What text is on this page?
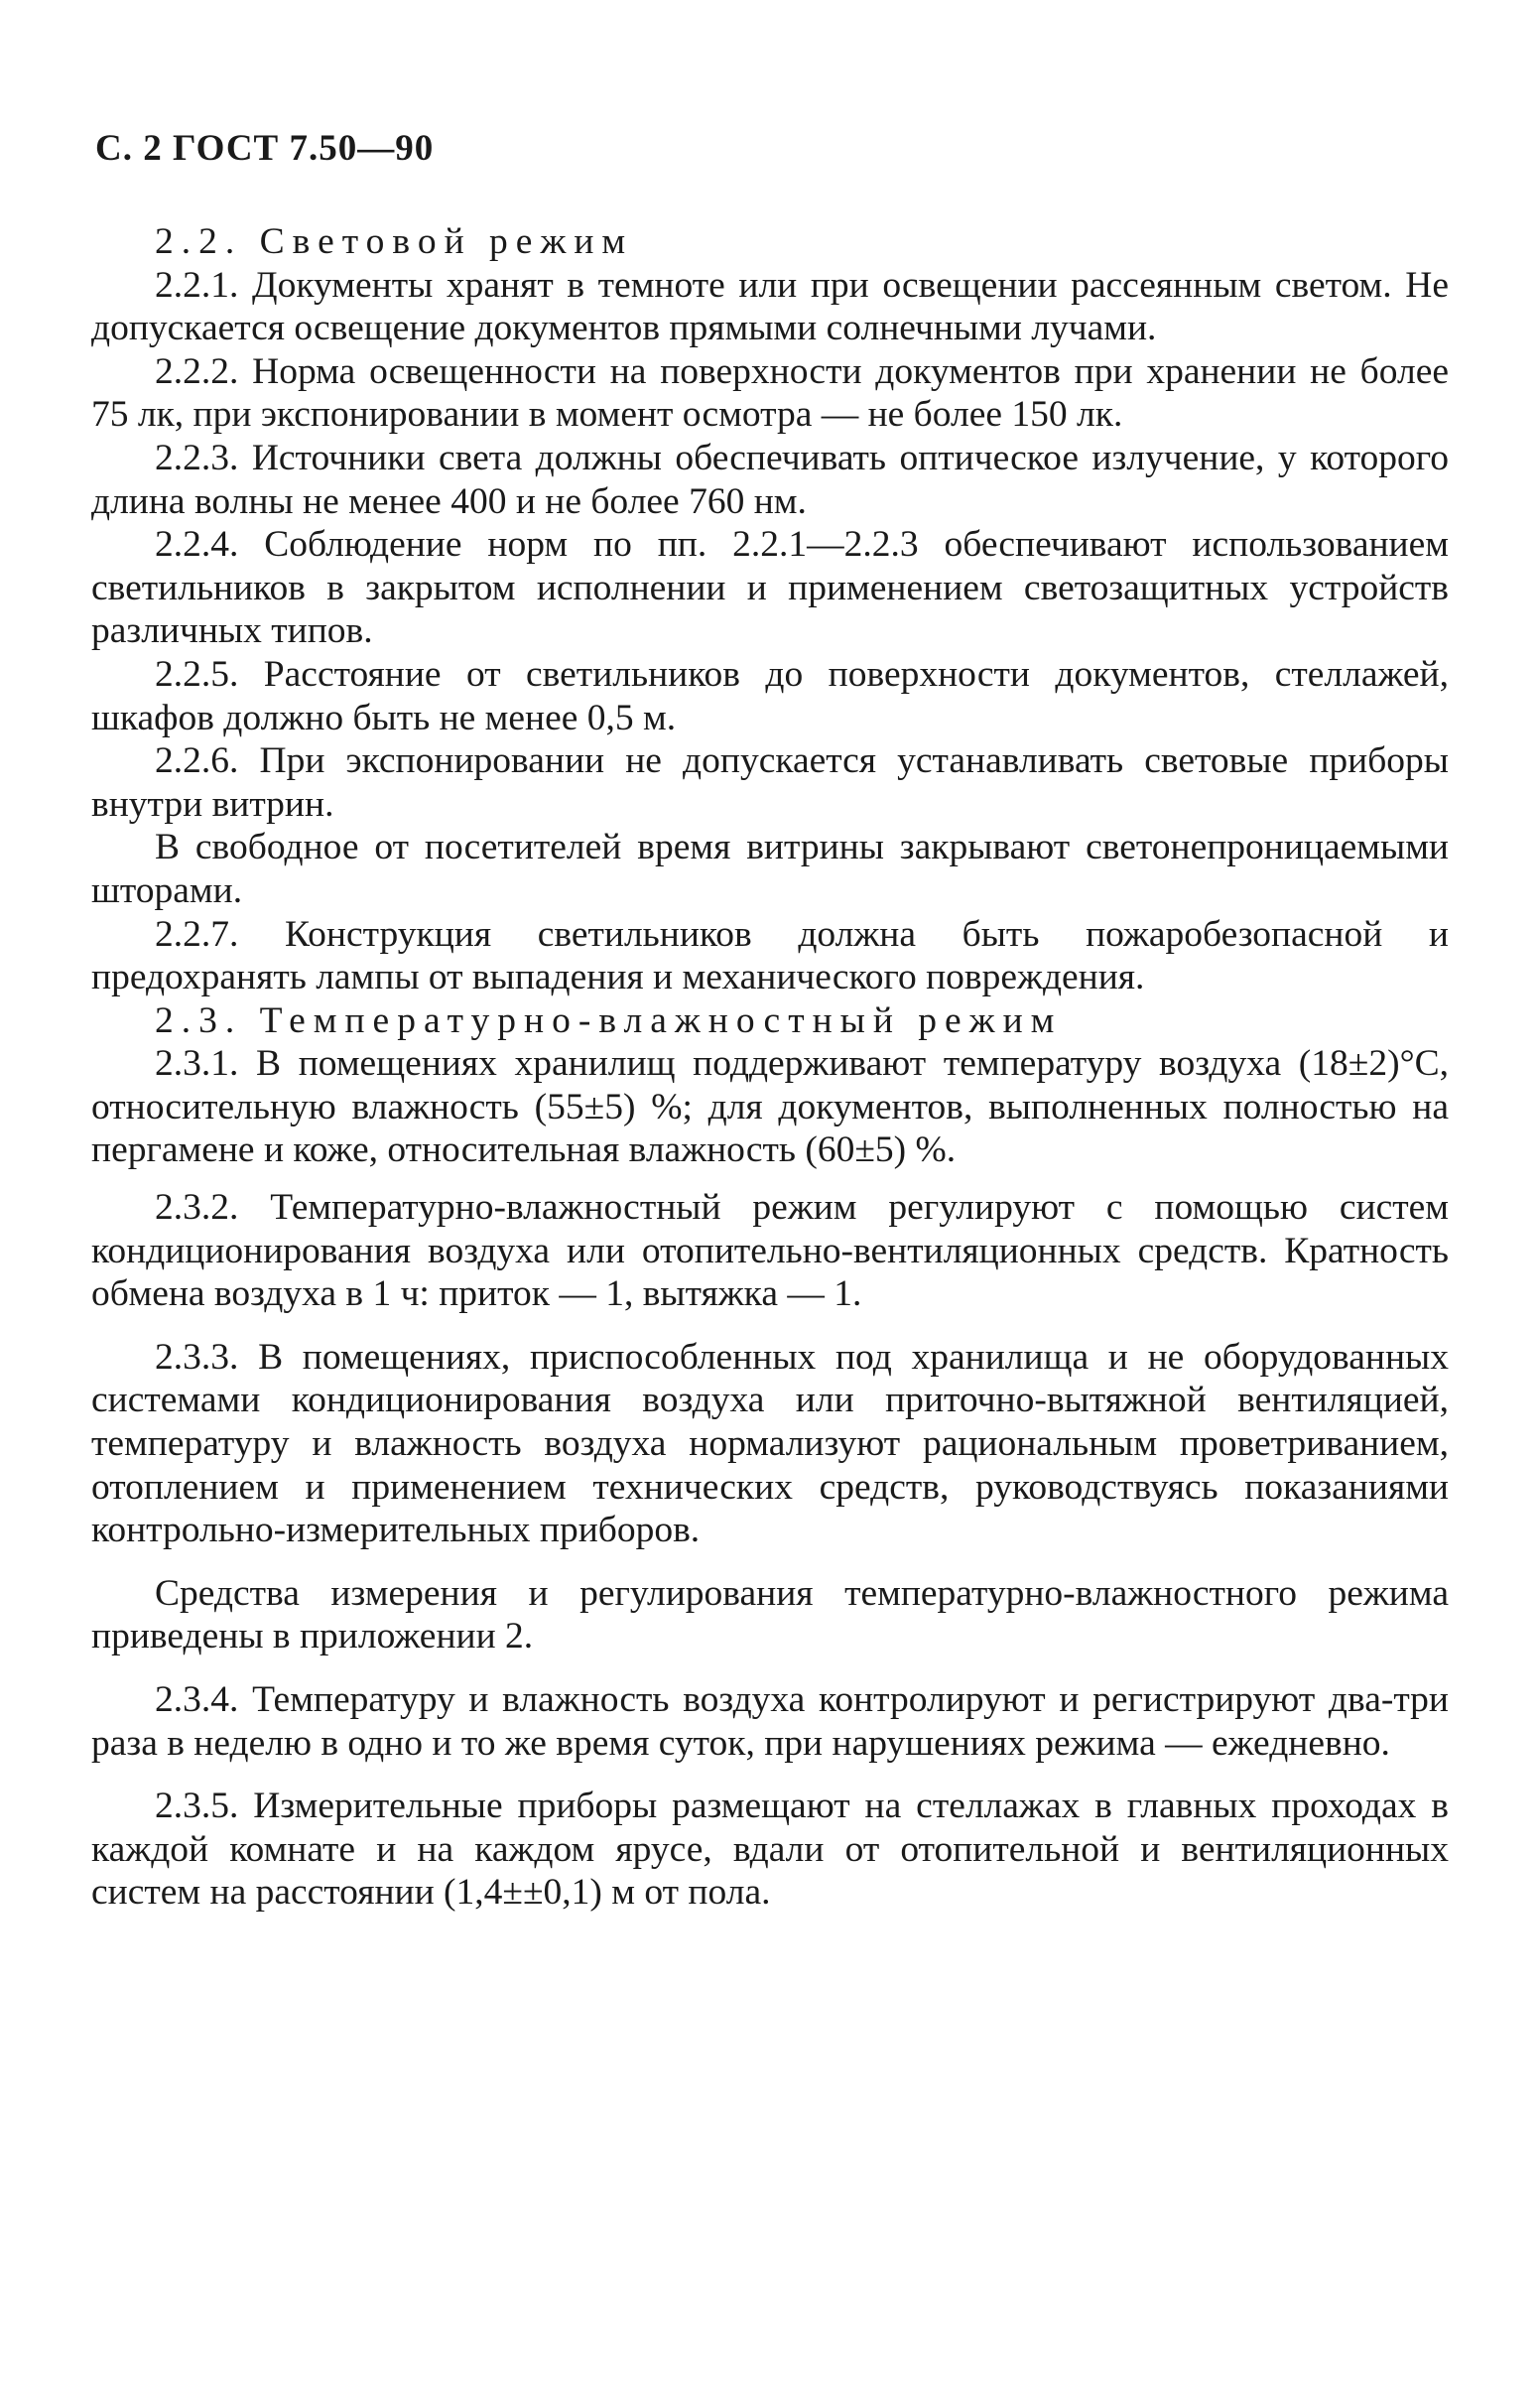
С. 2 ГОСТ 7.50—90

2.2. Световой режим

2.2.1. Документы хранят в темноте или при освещении рассеянным светом. Не допускается освещение документов прямыми солнечными лучами.

2.2.2. Норма освещенности на поверхности документов при хранении не более 75 лк, при экспонировании в момент осмотра — не более 150 лк.

2.2.3. Источники света должны обеспечивать оптическое излучение, у которого длина волны не менее 400 и не более 760 нм.

2.2.4. Соблюдение норм по пп. 2.2.1—2.2.3 обеспечивают использованием светильников в закрытом исполнении и применением светозащитных устройств различных типов.

2.2.5. Расстояние от светильников до поверхности документов, стеллажей, шкафов должно быть не менее 0,5 м.

2.2.6. При экспонировании не допускается устанавливать световые приборы внутри витрин.

В свободное от посетителей время витрины закрывают светонепроницаемыми шторами.

2.2.7. Конструкция светильников должна быть пожаробезопасной и предохранять лампы от выпадения и механического повреждения.

2.3. Температурно-влажностный режим

2.3.1. В помещениях хранилищ поддерживают температуру воздуха (18±2)°С, относительную влажность (55±5) %; для документов, выполненных полностью на пергамене и коже, относительная влажность (60±5) %.

2.3.2. Температурно-влажностный режим регулируют с помощью систем кондиционирования воздуха или отопительно-вентиляционных средств. Кратность обмена воздуха в 1 ч: приток — 1, вытяжка — 1.

2.3.3. В помещениях, приспособленных под хранилища и не оборудованных системами кондиционирования воздуха или приточно-вытяжной вентиляцией, температуру и влажность воздуха нормализуют рациональным проветриванием, отоплением и применением технических средств, руководствуясь показаниями контрольно-измерительных приборов.

Средства измерения и регулирования температурно-влажностного режима приведены в приложении 2.

2.3.4. Температуру и влажность воздуха контролируют и регистрируют два-три раза в неделю в одно и то же время суток, при нарушениях режима — ежедневно.

2.3.5. Измерительные приборы размещают на стеллажах в главных проходах в каждой комнате и на каждом ярусе, вдали от отопительной и вентиляционных систем на расстоянии (1,4±±0,1) м от пола.
